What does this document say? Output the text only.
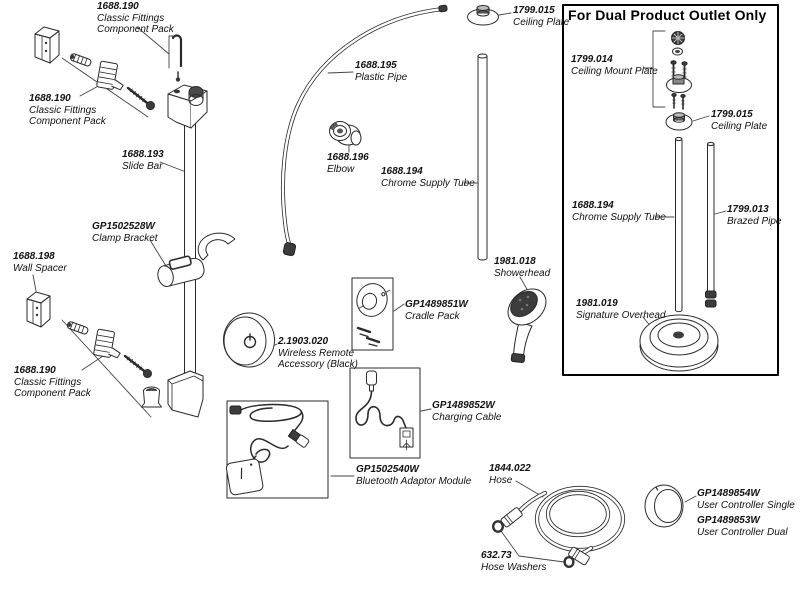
For Dual Product Outlet Only
1688.190
Classic Fittings Component Pack
1688.190
Classic Fittings Component Pack
1688.190
Classic Fittings Component Pack
1688.193
Slide Bar
GP1502528W
Clamp Bracket
1688.198
Wall Spacer
1688.195
Plastic Pipe
1688.196
Elbow	1688.194
Chrome Supply Tube
1799.015
Ceiling Plate
1981.018
Showerhead
2.1903.020
Wireless Remote Accessory (Black)
GP1489851W
Cradle Pack
GP1489852W
Charging Cable
GP1502540W
Bluetooth Adaptor Module
1844.022
Hose
632.73
Hose Washers
GP1489854W
User Controller Single
GP1489853W
User Controller Dual
1799.014
Ceiling Mount Plate
1799.015
Ceiling Plate
1688.194
Chrome Supply Tube
1799.013
Brazed Pipe
1981.019
Signature Overhead
